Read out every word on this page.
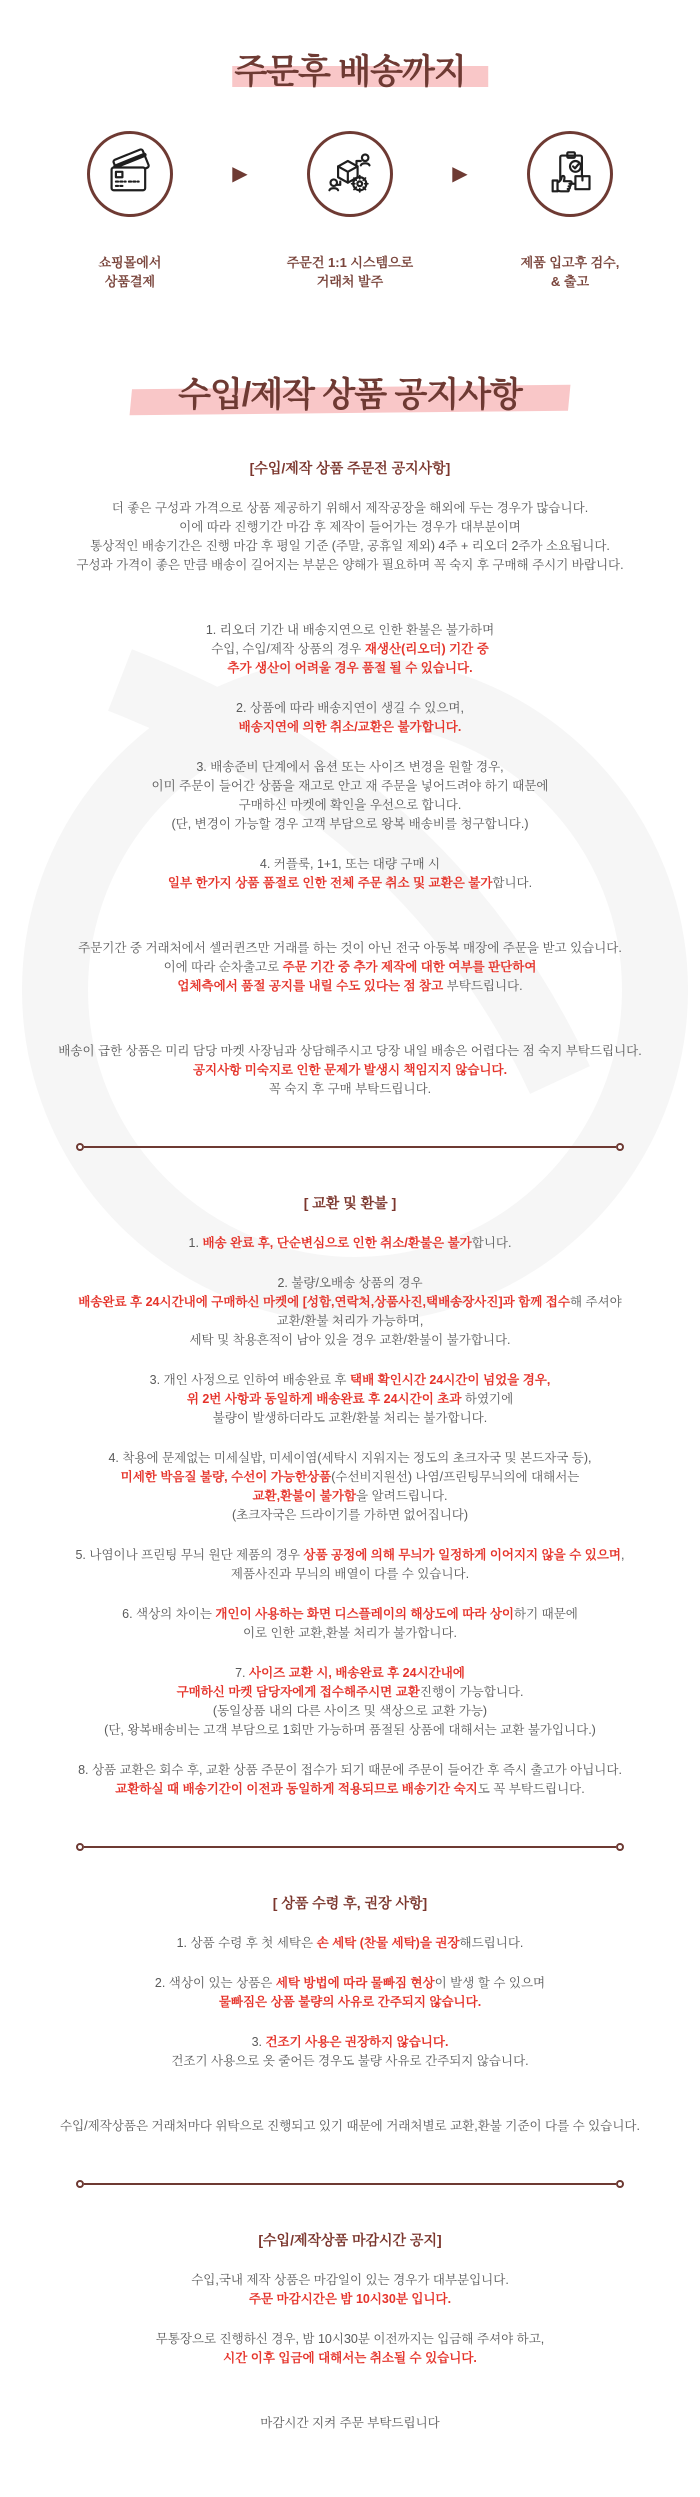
주문후 배송까지
쇼핑몰에서
상품결제
▶
주문건 1:1 시스템으로
거래처 발주
▶
제품 입고후 검수,
& 출고
수입/제작 상품 공지사항
[수입/제작 상품 주문전 공지사항]

더 좋은 구성과 가격으로 상품 제공하기 위해서 제작공장을 해외에 두는 경우가 많습니다.

이에 따라 진행기간 마감 후 제작이 들어가는 경우가 대부분이며

통상적인 배송기간은 진행 마감 후 평일 기준 (주말, 공휴일 제외) 4주 + 리오더 2주가 소요됩니다.

구성과 가격이 좋은 만큼 배송이 길어지는 부분은 양해가 필요하며 꼭 숙지 후 구매해 주시기 바랍니다.

1. 리오더 기간 내 배송지연으로 인한 환불은 불가하며

수입, 수입/제작 상품의 경우 재생산(리오더) 기간 중

추가 생산이 어려울 경우 품절 될 수 있습니다.

2. 상품에 따라 배송지연이 생길 수 있으며,

배송지연에 의한 취소/교환은 불가합니다.

3. 배송준비 단계에서 옵션 또는 사이즈 변경을 원할 경우,

이미 주문이 들어간 상품을 재고로 안고 재 주문을 넣어드려야 하기 때문에

구매하신 마켓에 확인을 우선으로 합니다.

(단, 변경이 가능할 경우 고객 부담으로 왕복 배송비를 청구합니다.)

4. 커플룩, 1+1, 또는 대량 구매 시

일부 한가지 상품 품절로 인한 전체 주문 취소 및 교환은 불가합니다.

주문기간 중 거래처에서 셀러퀸즈만 거래를 하는 것이 아닌 전국 아동복 매장에 주문을 받고 있습니다.

이에 따라 순차출고로 주문 기간 중 추가 제작에 대한 여부를 판단하여

업체측에서 품절 공지를 내릴 수도 있다는 점 참고 부탁드립니다.

배송이 급한 상품은 미리 담당 마켓 사장님과 상담해주시고 당장 내일 배송은 어렵다는 점 숙지 부탁드립니다.

공지사항 미숙지로 인한 문제가 발생시 책임지지 않습니다.

꼭 숙지 후 구매 부탁드립니다.

[ 교환 및 환불 ]

1. 배송 완료 후, 단순변심으로 인한 취소/환불은 불가합니다.

2. 불량/오배송 상품의 경우

배송완료 후 24시간내에 구매하신 마켓에 [성함,연락처,상품사진,택배송장사진]과 함께 접수해 주셔야

교환/환불 처리가 가능하며,

세탁 및 착용흔적이 남아 있을 경우 교환/환불이 불가합니다.

3. 개인 사정으로 인하여 배송완료 후 택배 확인시간 24시간이 넘었을 경우,

위 2번 사항과 동일하게 배송완료 후 24시간이 초과 하였기에

불량이 발생하더라도 교환/환불 처리는 불가합니다.

4. 착용에 문제없는 미세실밥, 미세이염(세탁시 지워지는 정도의 초크자국 및 본드자국 등),

미세한 박음질 불량, 수선이 가능한상품(수선비지원선) 나염/프린팅무늬의에 대해서는

교환,환불이 불가함을 알려드립니다.

(초크자국은 드라이기를 가하면 없어집니다)

5. 나염이나 프린팅 무늬 원단 제품의 경우 상품 공정에 의해 무늬가 일정하게 이어지지 않을 수 있으며,

제품사진과 무늬의 배열이 다를 수 있습니다.

6. 색상의 차이는 개인이 사용하는 화면 디스플레이의 해상도에 따라 상이하기 때문에

이로 인한 교환,환불 처리가 불가합니다.

7. 사이즈 교환 시, 배송완료 후 24시간내에

구매하신 마켓 담당자에게 접수해주시면 교환진행이 가능합니다.

(동일상품 내의 다른 사이즈 및 색상으로 교환 가능)

(단, 왕복배송비는 고객 부담으로 1회만 가능하며 품절된 상품에 대해서는 교환 불가입니다.)

8. 상품 교환은 회수 후, 교환 상품 주문이 접수가 되기 때문에 주문이 들어간 후 즉시 출고가 아닙니다.

교환하실 때 배송기간이 이전과 동일하게 적용되므로 배송기간 숙지도 꼭 부탁드립니다.

[ 상품 수령 후, 권장 사항]

1. 상품 수령 후 첫 세탁은 손 세탁 (찬물 세탁)을 권장해드립니다.

2. 색상이 있는 상품은 세탁 방법에 따라 물빠짐 현상이 발생 할 수 있으며

물빠짐은 상품 불량의 사유로 간주되지 않습니다.

3. 건조기 사용은 권장하지 않습니다.

건조기 사용으로 옷 줄어든 경우도 불량 사유로 간주되지 않습니다.

수입/제작상품은 거래처마다 위탁으로 진행되고 있기 때문에 거래처별로 교환,환불 기준이 다를 수 있습니다.

[수입/제작상품 마감시간 공지]

수입,국내 제작 상품은 마감일이 있는 경우가 대부분입니다.

주문 마감시간은 밤 10시30분 입니다.

무통장으로 진행하신 경우, 밤 10시30분 이전까지는 입금해 주셔야 하고,

시간 이후 입금에 대해서는 취소될 수 있습니다.

마감시간 지켜 주문 부탁드립니다
